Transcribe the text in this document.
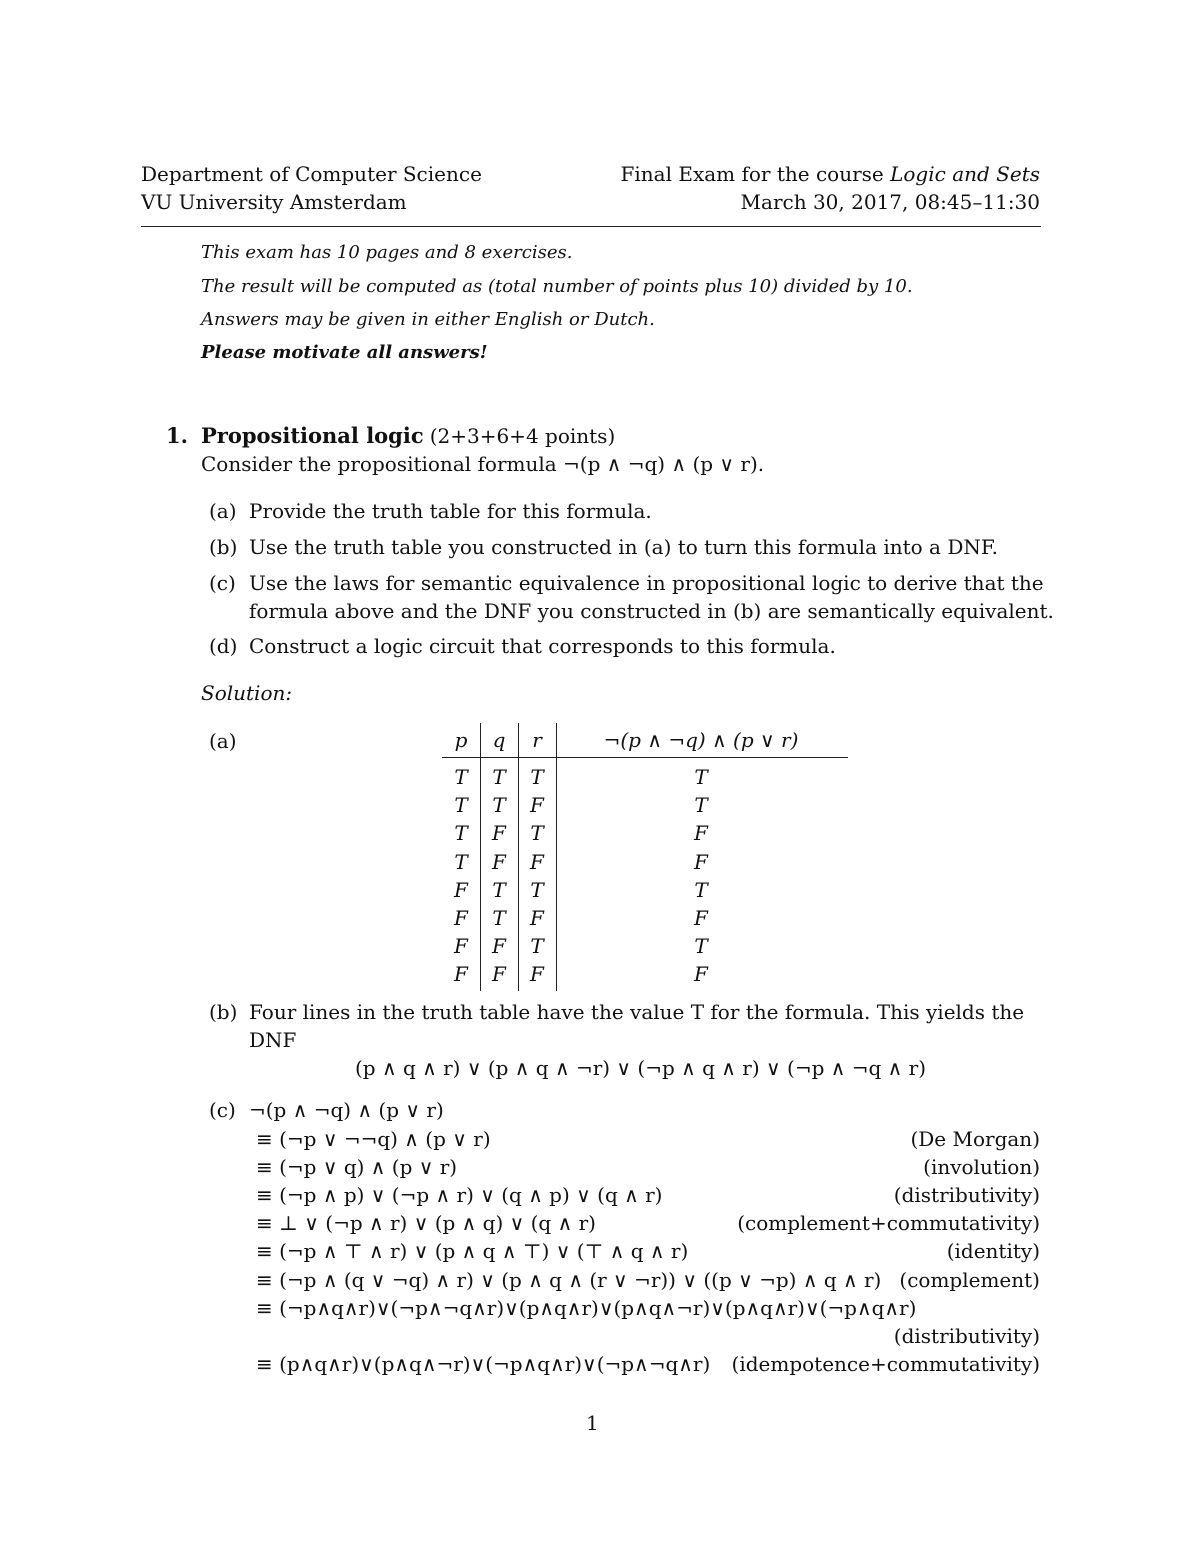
Department of Computer Science
VU University Amsterdam
Final Exam for the course Logic and Sets
March 30, 2017, 08:45–11:30
This exam has 10 pages and 8 exercises.
The result will be computed as (total number of points plus 10) divided by 10.
Answers may be given in either English or Dutch.
Please motivate all answers!
1. Propositional logic (2+3+6+4 points)
Consider the propositional formula ¬(p ∧ ¬q) ∧ (p ∨ r).
(a) Provide the truth table for this formula.
(b) Use the truth table you constructed in (a) to turn this formula into a DNF.
(c) Use the laws for semantic equivalence in propositional logic to derive that the
formula above and the DNF you constructed in (b) are semantically equivalent.
(d) Construct a logic circuit that corresponds to this formula.
Solution:
(a)	p	q	r	¬(p ∧ ¬q) ∧ (p ∨ r)
T	T	T	T
T	T	F	T
T	F	T	F
T	F	F	F
F	T	T	T
F	T	F	F
F	F	T	T
F	F	F	F
(b) Four lines in the truth table have the value T for the formula. This yields the
DNF
(p ∧ q ∧ r) ∨ (p ∧ q ∧ ¬r) ∨ (¬p ∧ q ∧ r) ∨ (¬p ∧ ¬q ∧ r)
(c) ¬(p ∧ ¬q) ∧ (p ∨ r)
≡ (¬p ∨ ¬¬q) ∧ (p ∨ r)	(De Morgan)
≡ (¬p ∨ q) ∧ (p ∨ r)	(involution)
≡ (¬p ∧ p) ∨ (¬p ∧ r) ∨ (q ∧ p) ∨ (q ∧ r)	(distributivity)
≡ ⊥ ∨ (¬p ∧ r) ∨ (p ∧ q) ∨ (q ∧ r)	(complement+commutativity)
≡ (¬p ∧ ⊤ ∧ r) ∨ (p ∧ q ∧ ⊤) ∨ (⊤ ∧ q ∧ r)	(identity)
≡ (¬p ∧ (q ∨ ¬q) ∧ r) ∨ (p ∧ q ∧ (r ∨ ¬r)) ∨ ((p ∨ ¬p) ∧ q ∧ r) (complement)
≡ (¬p∧q∧r)∨(¬p∧¬q∧r)∨(p∧q∧r)∨(p∧q∧¬r)∨(p∧q∧r)∨(¬p∧q∧r)
(distributivity)
≡ (p∧q∧r)∨(p∧q∧¬r)∨(¬p∧q∧r)∨(¬p∧¬q∧r) (idempotence+commutativity)
1
